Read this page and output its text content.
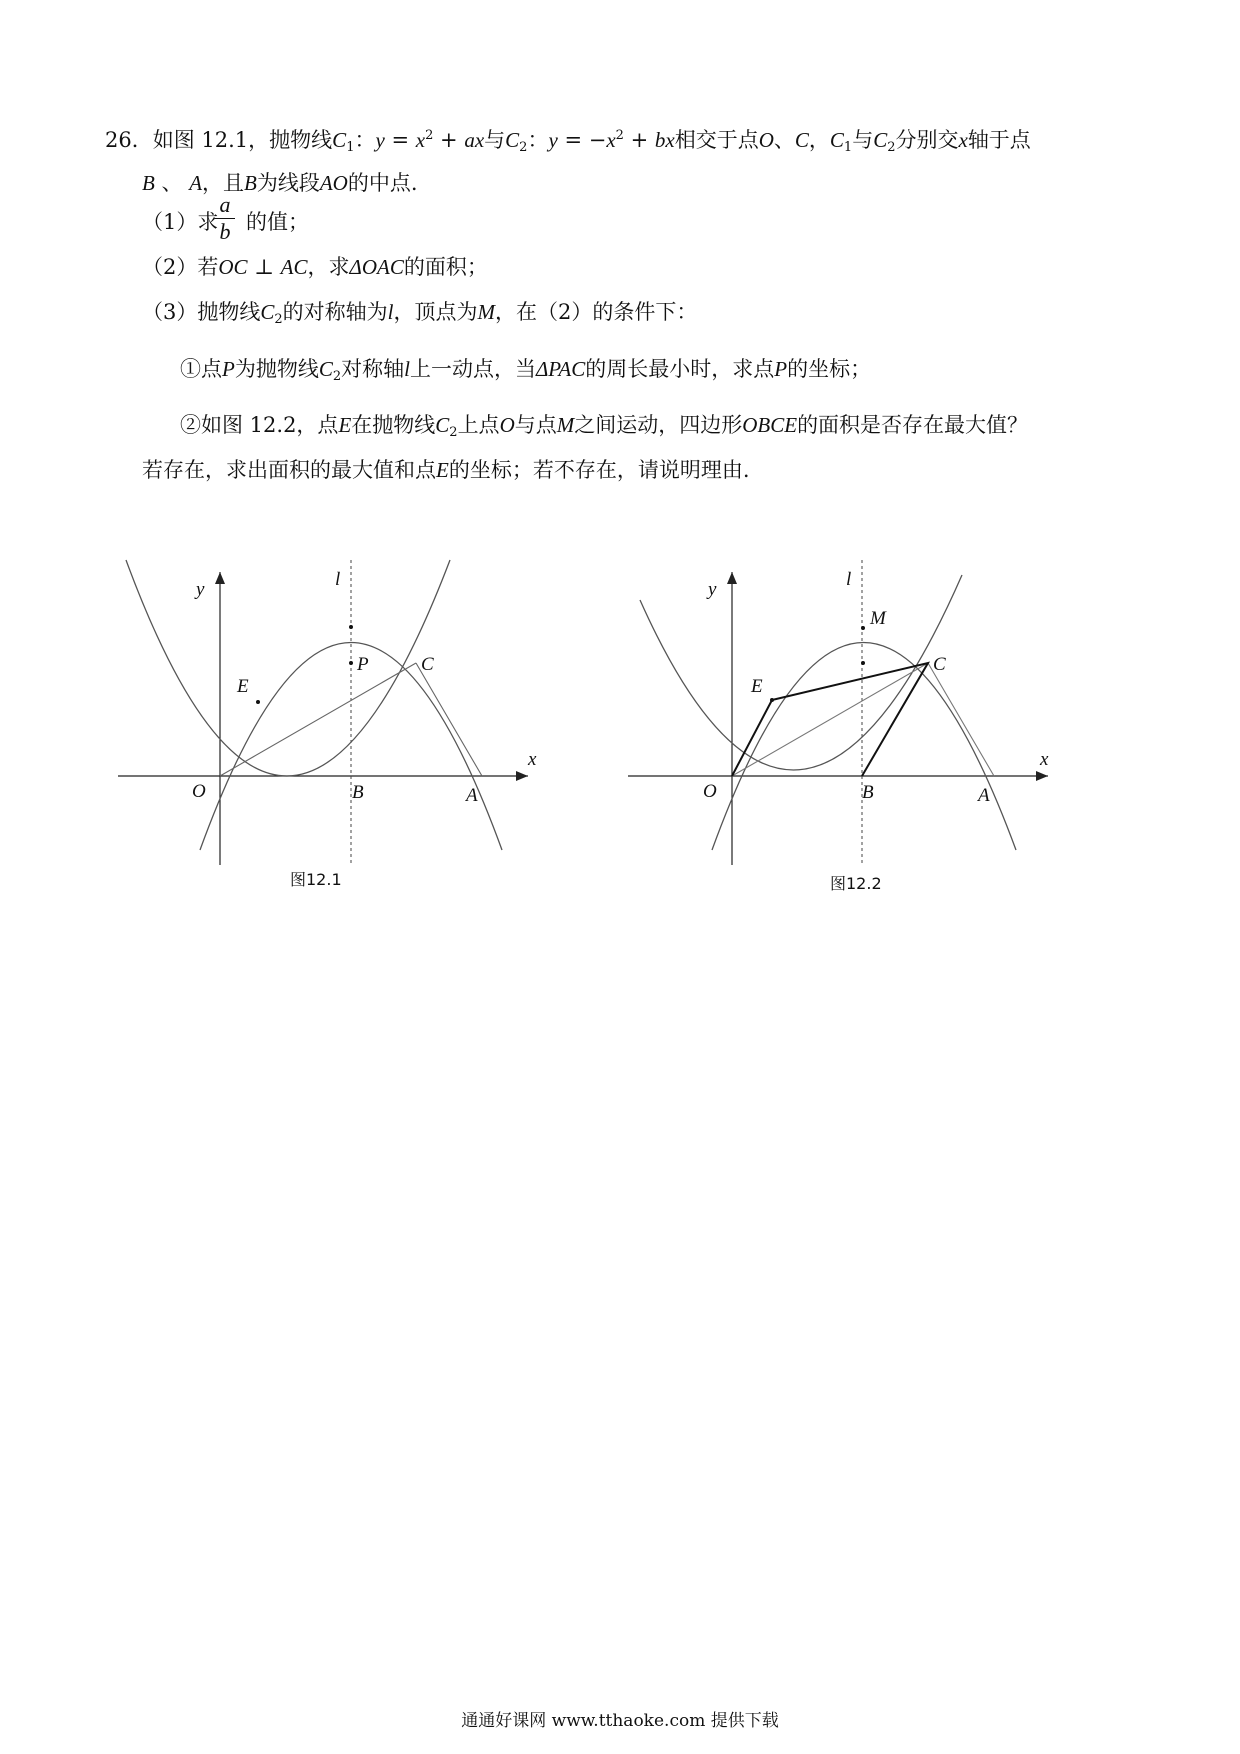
26．如图 12.1，抛物线$C_1$：$y = x^2$ + ax与$C_2$：$y = -x^2$ + bx相交于点O、C，$C_1$与$C_2$分别交x轴于点
B 、 A，且B为线段AO的中点.
（1）求
a
b 的值；
（2）若OC ⊥ AC，求ΔOAC的面积；
（3）抛物线$C_2$的对称轴为l，顶点为M，在（2）的条件下：
①点P为抛物线$C_2$对称轴l上一动点，当ΔPAC的周长最小时，求点P的坐标；
②如图 12.2，点E在抛物线$C_2$上点O与点M之间运动，四边形OBCE的面积是否存在最大值？
若存在，求出面积的最大值和点E的坐标；若不存在，请说明理由.
y
x
l
O	B	A
C
E
P
图12.1
y
x
l
O	B	A
C
E
M
图12.2
通通好课网 www.tthaoke.com 提供下载
